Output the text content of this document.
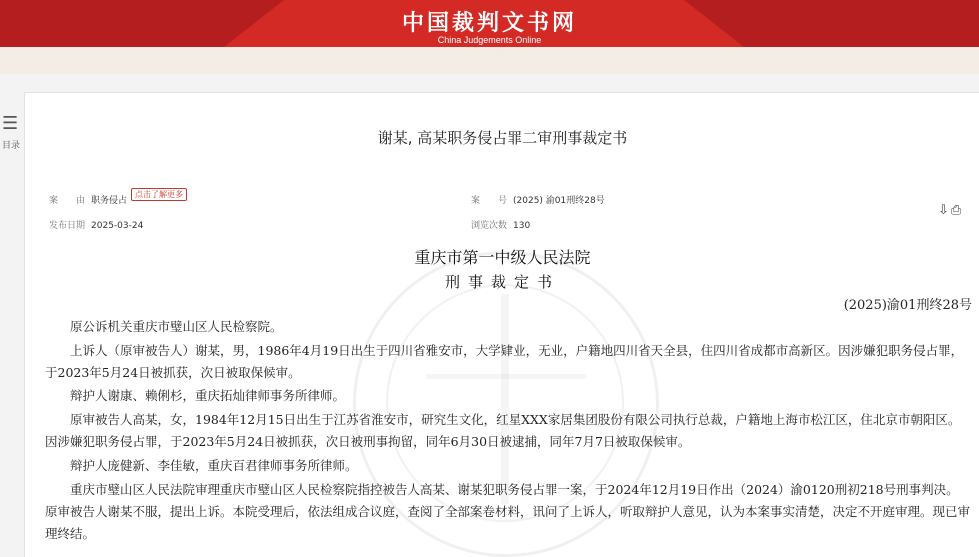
中国裁判文书网
China Judgements Online
☰
目录	谢某, 高某职务侵占罪二审刑事裁定书
案　　由 职务侵占
点击了解更多
案　　号 (2025) 渝01刑终28号
发布日期 2025-03-24	浏览次数 130
⇩⎙
重庆市第一中级人民法院
刑事裁定书
(2025)渝01刑终28号

原公诉机关重庆市璧山区人民检察院。

上诉人（原审被告人）谢某，男，1986年4月19日出生于四川省雅安市，大学肄业，无业，户籍地四川省天全县，住四川省成都市高新区。因涉嫌犯职务侵占罪，于2023年5月24日被抓获，次日被取保候审。

辩护人谢康、赖俐杉，重庆拓灿律师事务所律师。

原审被告人高某，女，1984年12月15日出生于江苏省淮安市，研究生文化，红星XXX家居集团股份有限公司执行总裁，户籍地上海市松江区，住北京市朝阳区。因涉嫌犯职务侵占罪，于2023年5月24日被抓获，次日被刑事拘留，同年6月30日被逮捕，同年7月7日被取保候审。

辩护人庞健新、李佳敏，重庆百君律师事务所律师。

重庆市璧山区人民法院审理重庆市璧山区人民检察院指控被告人高某、谢某犯职务侵占罪一案，于2024年12月19日作出（2024）渝0120刑初218号刑事判决。原审被告人谢某不服，提出上诉。本院受理后，依法组成合议庭，查阅了全部案卷材料，讯问了上诉人，听取辩护人意见，认为本案事实清楚，决定不开庭审理。现已审理终结。
